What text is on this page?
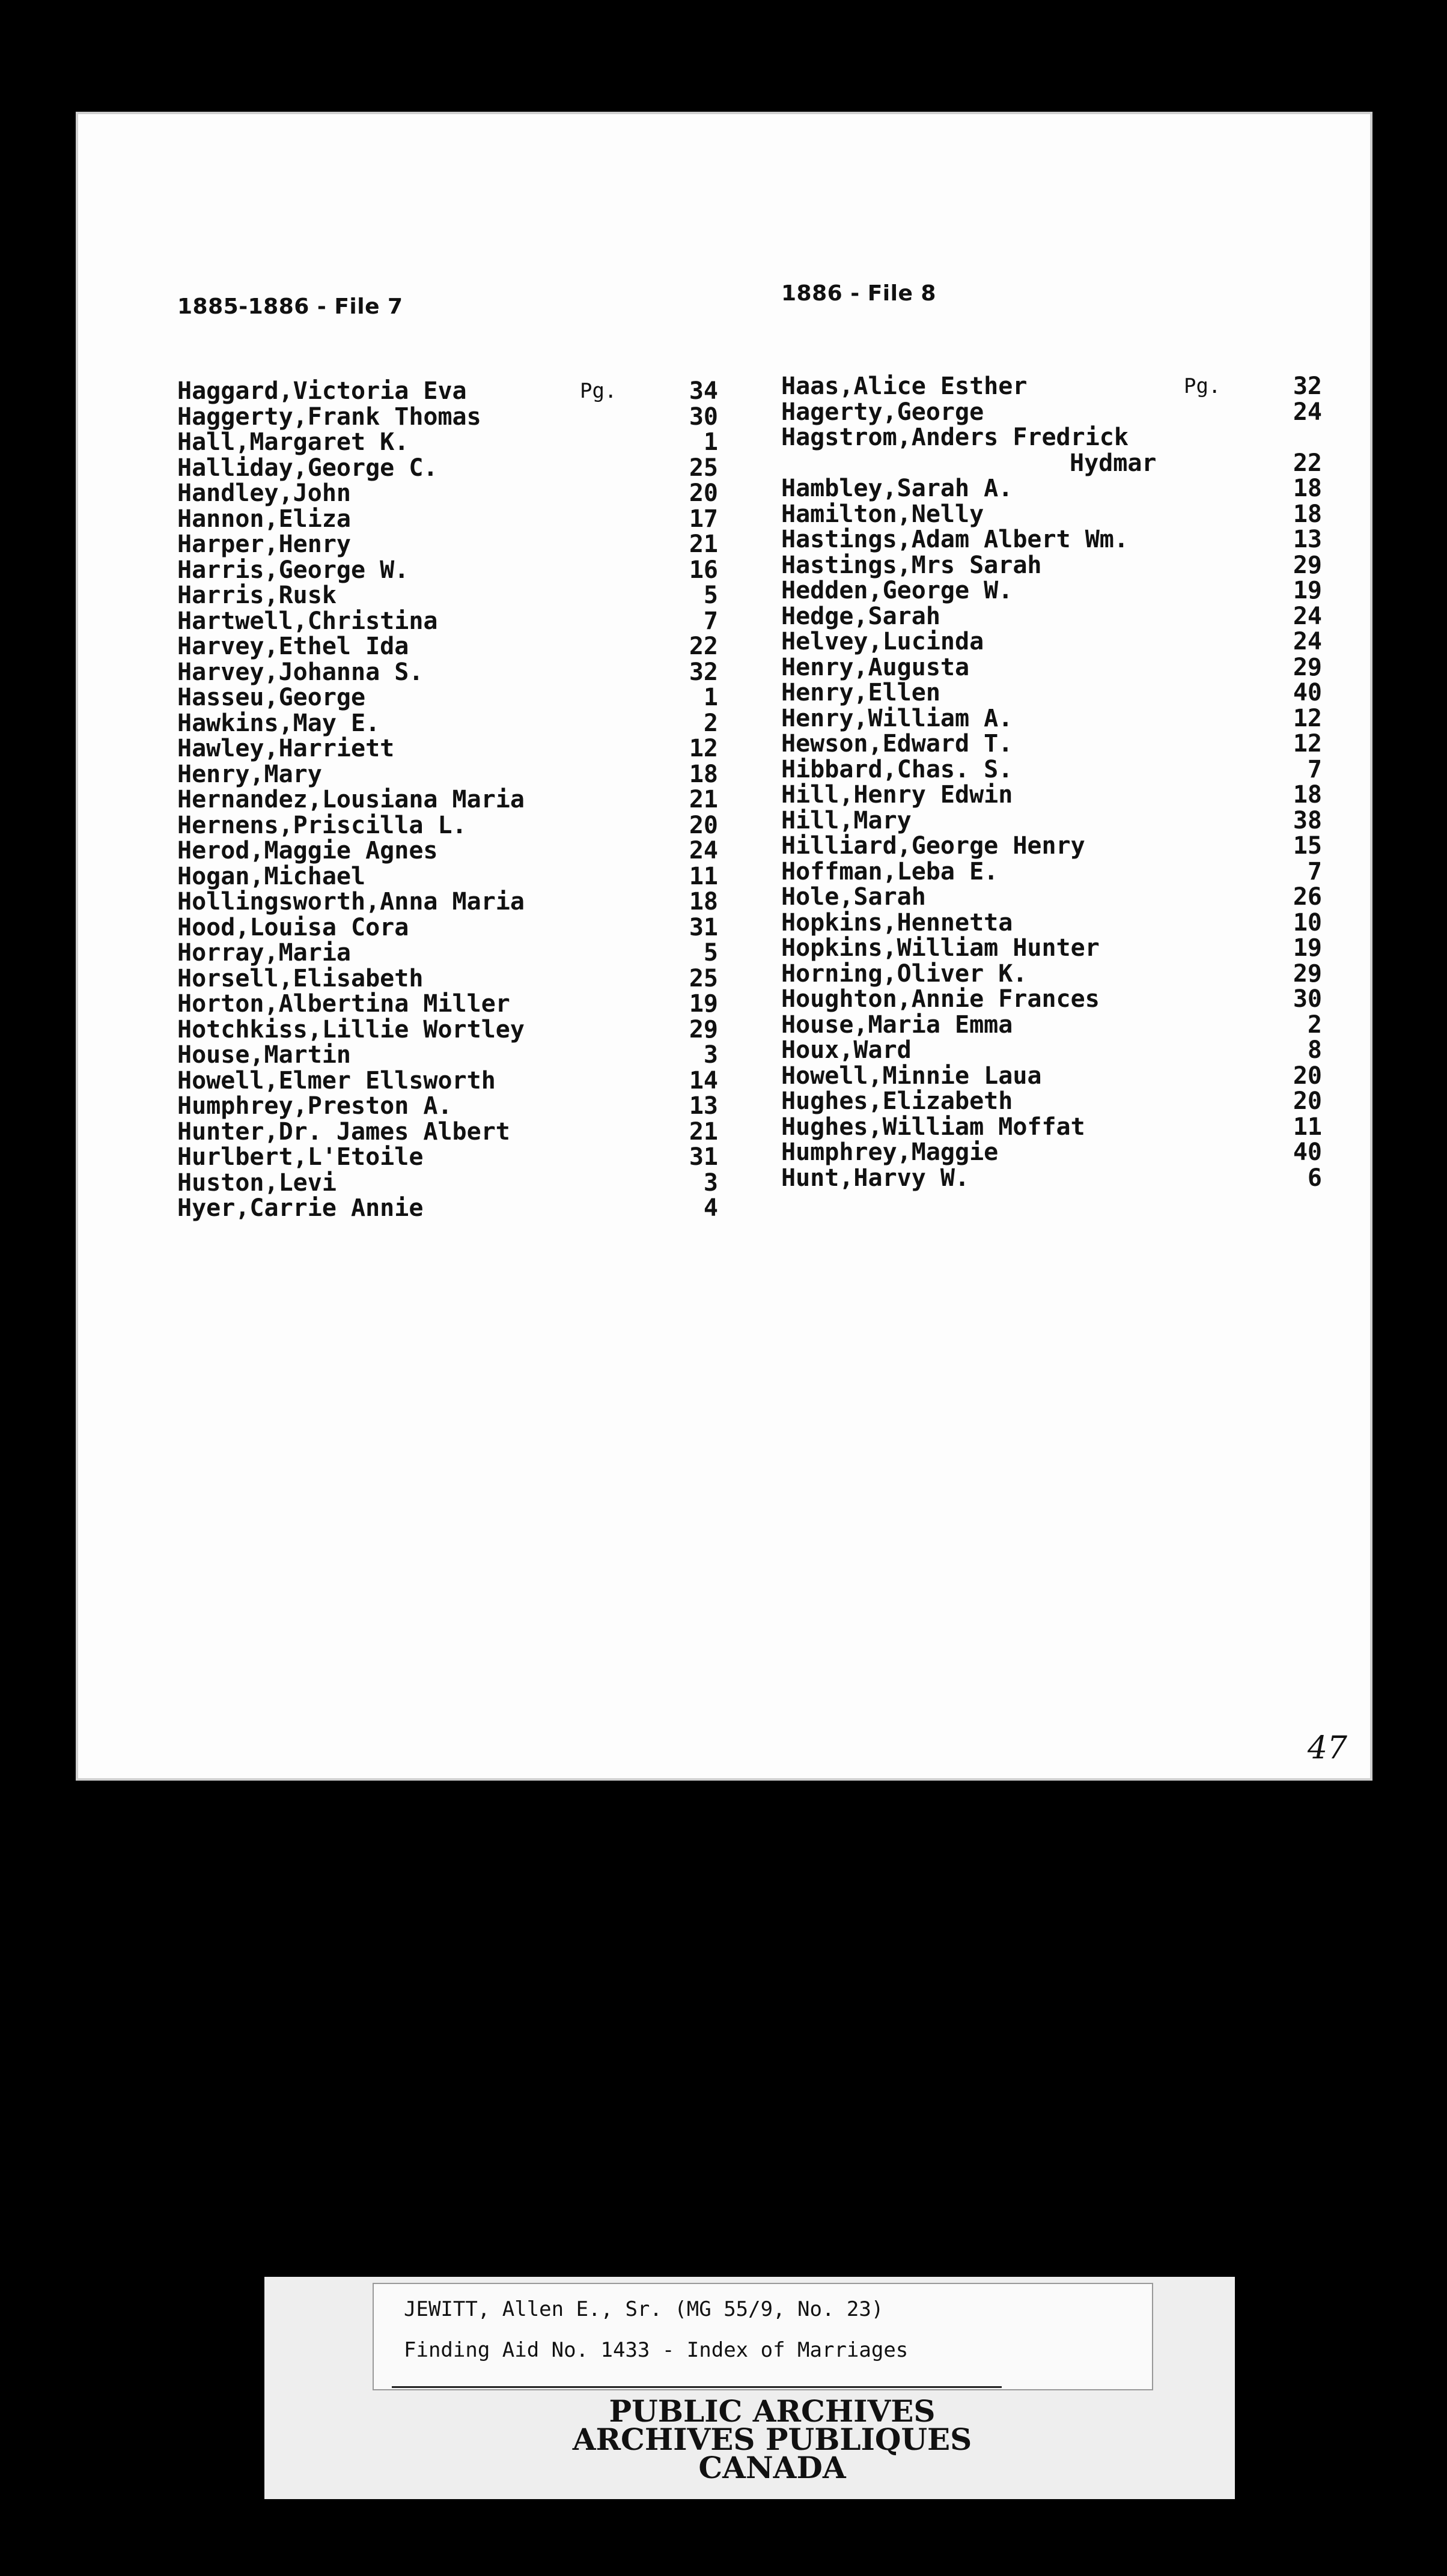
1885-1886 - File 7
1886 - File 8
Haggard,Victoria Eva	Pg.	34
Haggerty,Frank Thomas	30
Hall,Margaret K.	1
Halliday,George C.	25
Handley,John	20
Hannon,Eliza	17
Harper,Henry	21
Harris,George W.	16
Harris,Rusk	5
Hartwell,Christina	7
Harvey,Ethel Ida	22
Harvey,Johanna S.	32
Hasseu,George	1
Hawkins,May E.	2
Hawley,Harriett	12
Henry,Mary	18
Hernandez,Lousiana Maria	21
Hernens,Priscilla L.	20
Herod,Maggie Agnes	24
Hogan,Michael	11
Hollingsworth,Anna Maria	18
Hood,Louisa Cora	31
Horray,Maria	5
Horsell,Elisabeth	25
Horton,Albertina Miller	19
Hotchkiss,Lillie Wortley	29
House,Martin	3
Howell,Elmer Ellsworth	14
Humphrey,Preston A.	13
Hunter,Dr. James Albert	21
Hurlbert,L'Etoile	31
Huston,Levi	3
Hyer,Carrie Annie	4
Haas,Alice Esther	Pg.	32
Hagerty,George	24
Hagstrom,Anders Fredrick
Hydmar	22
Hambley,Sarah A.	18
Hamilton,Nelly	18
Hastings,Adam Albert Wm.	13
Hastings,Mrs Sarah	29
Hedden,George W.	19
Hedge,Sarah	24
Helvey,Lucinda	24
Henry,Augusta	29
Henry,Ellen	40
Henry,William A.	12
Hewson,Edward T.	12
Hibbard,Chas. S.	7
Hill,Henry Edwin	18
Hill,Mary	38
Hilliard,George Henry	15
Hoffman,Leba E.	7
Hole,Sarah	26
Hopkins,Hennetta	10
Hopkins,William Hunter	19
Horning,Oliver K.	29
Houghton,Annie Frances	30
House,Maria Emma	2
Houx,Ward	8
Howell,Minnie Laua	20
Hughes,Elizabeth	20
Hughes,William Moffat	11
Humphrey,Maggie	40
Hunt,Harvy W.	6
47
JEWITT, Allen E., Sr. (MG 55/9, No. 23)
Finding Aid No. 1433 - Index of Marriages
PUBLIC ARCHIVES
ARCHIVES PUBLIQUES
CANADA
